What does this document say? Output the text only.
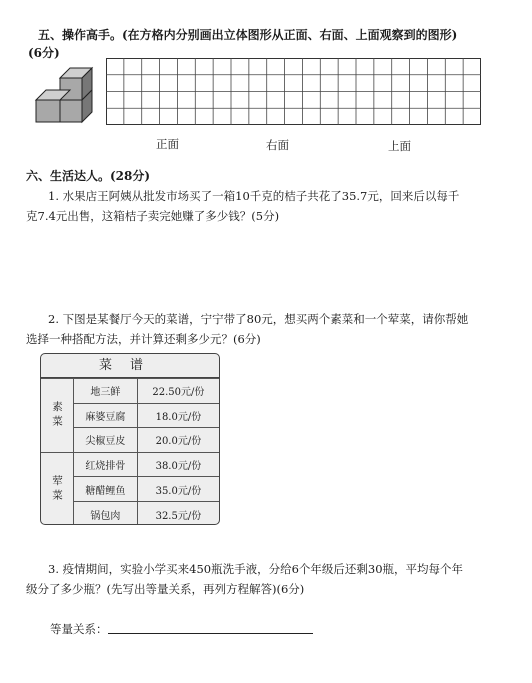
五、操作高手。(在方格内分别画出立体图形从正面、右面、上面观察到的图形)
(6分)
正面	右面	上面
六、生活达人。(28分)
1. 水果店王阿姨从批发市场买了一箱10千克的桔子共花了35.7元，回来后以每千
克7.4元出售，这箱桔子卖完她赚了多少钱？(5分)
2. 下图是某餐厅今天的菜谱，宁宁带了80元，想买两个素菜和一个荤菜，请你帮她
选择一种搭配方法，并计算还剩多少元？(6分)
菜谱
素菜	地三鲜	22.50元/份
	麻婆豆腐	18.0元/份
	尖椒豆皮	20.0元/份
荤菜	红烧排骨	38.0元/份
	糖醋鲤鱼	35.0元/份
	锅包肉	32.5元/份
3. 疫情期间，实验小学买来450瓶洗手液，分给6个年级后还剩30瓶，平均每个年
级分了多少瓶？(先写出等量关系，再列方程解答)(6分)
等量关系：
